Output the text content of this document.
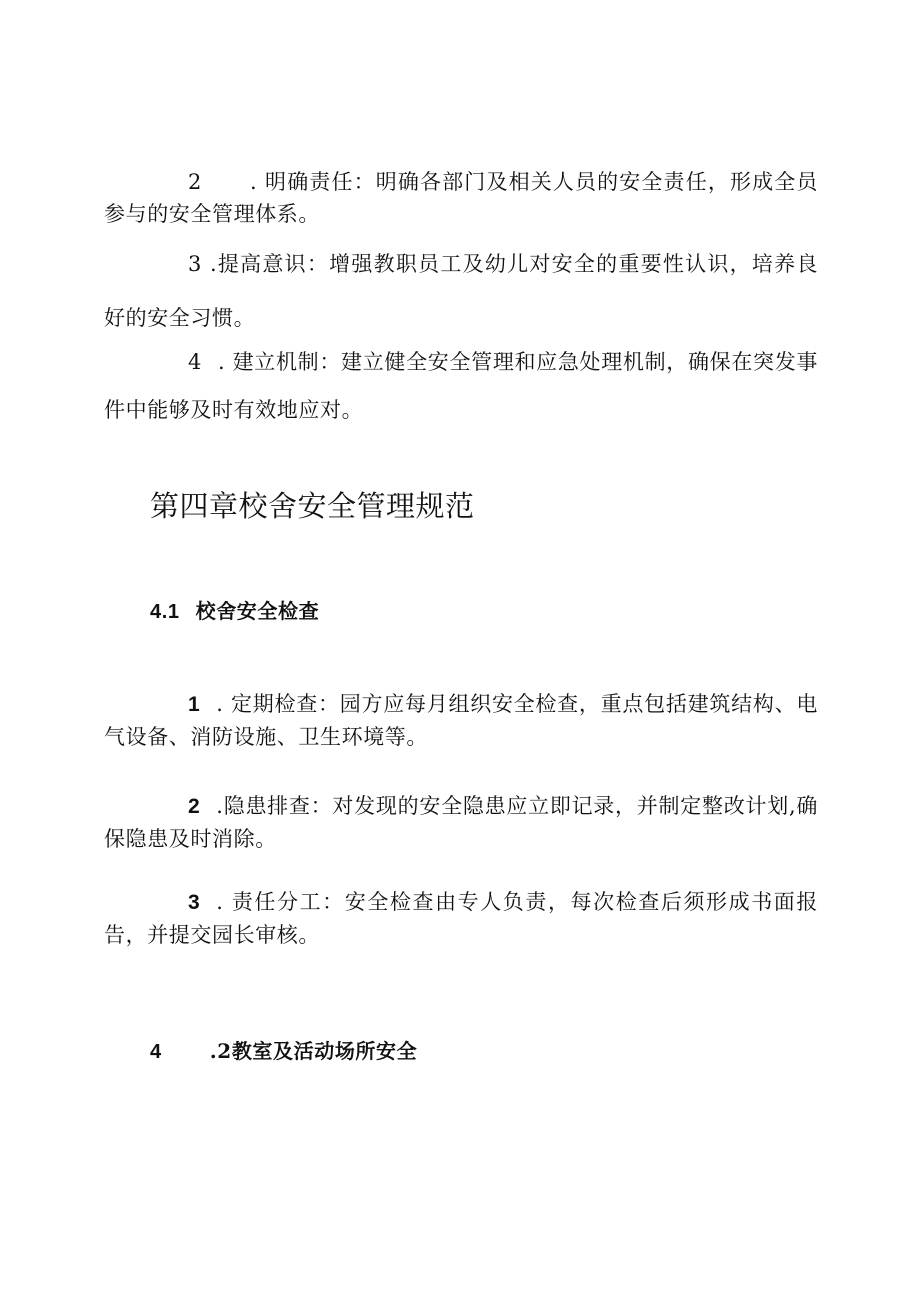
2 . 明确责任：明确各部门及相关人员的安全责任，形成全员参与的安全管理体系。

3 .提高意识：增强教职员工及幼儿对安全的重要性认识，培养良好的安全习惯。

4 . 建立机制：建立健全安全管理和应急处理机制，确保在突发事件中能够及时有效地应对。

第四章校舍安全管理规范
4.1 校舍安全检查

1 . 定期检查：园方应每月组织安全检查，重点包括建筑结构、电气设备、消防设施、卫生环境等。

2 .隐患排查：对发现的安全隐患应立即记录，并制定整改计划,确保隐患及时消除。

3 . 责任分工：安全检查由专人负责，每次检查后须形成书面报告，并提交园长审核。

4 .2教室及活动场所安全
